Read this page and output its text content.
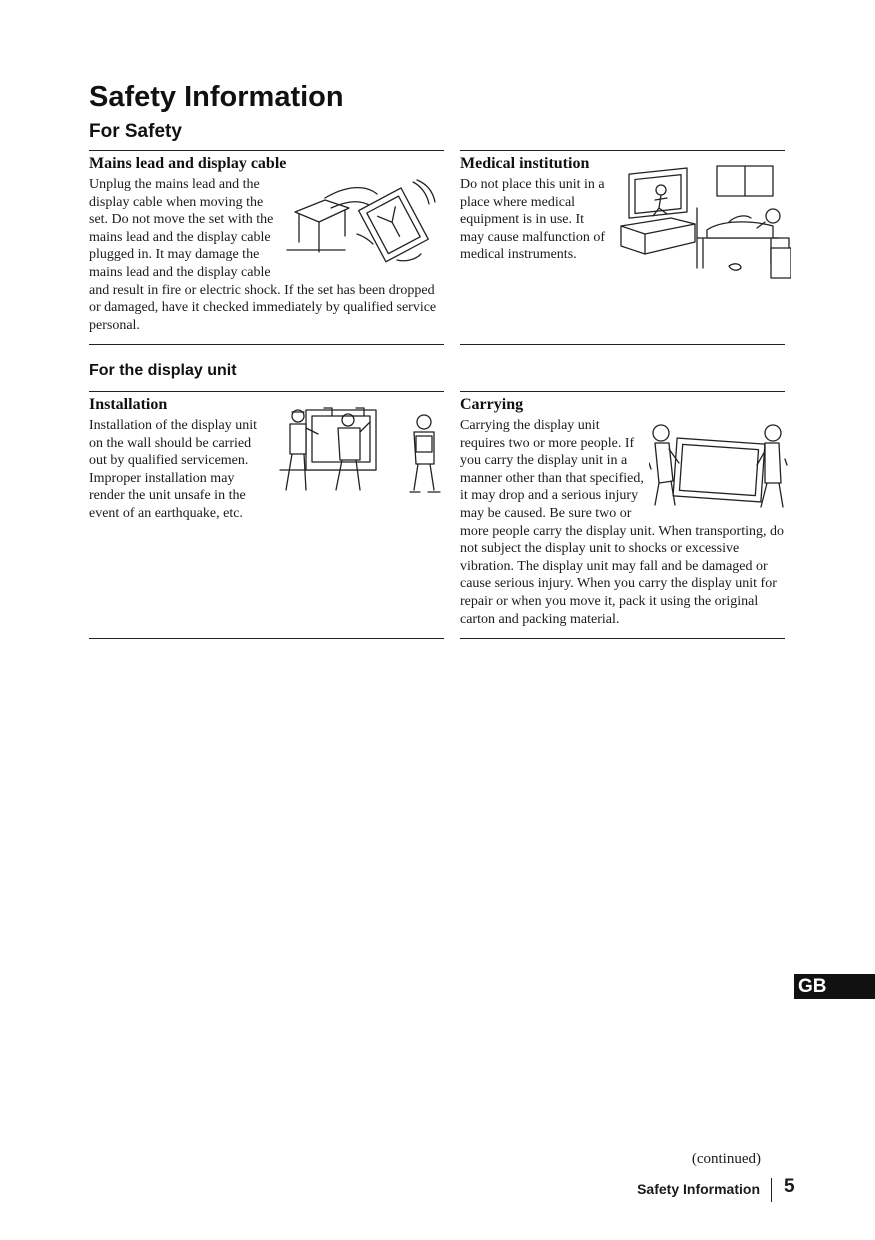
Safety Information
For Safety
Mains lead and display cable

Unplug the mains lead and the display cable when moving the set. Do not move the set with the mains lead and the display cable plugged in. It may damage the mains lead and the display cable and result in fire or electric shock. If the set has been dropped or damaged, have it checked immediately by qualified service personal.

Medical institution

Do not place this unit in a place where medical equipment is in use. It may cause malfunction of medical instruments.

For the display unit
Installation

Installation of the display unit on the wall should be carried out by qualified servicemen. Improper installation may render the unit unsafe in the event of an earthquake, etc.

Carrying

Carrying the display unit requires two or more people. If you carry the display unit in a manner other than that specified, it may drop and a serious injury may be caused. Be sure two or more people carry the display unit. When transporting, do not subject the display unit to shocks or excessive vibration. The display unit may fall and be damaged or cause serious injury. When you carry the display unit for repair or when you move it, pack it using the original carton and packing material.

GB
(continued)
Safety Information 5
